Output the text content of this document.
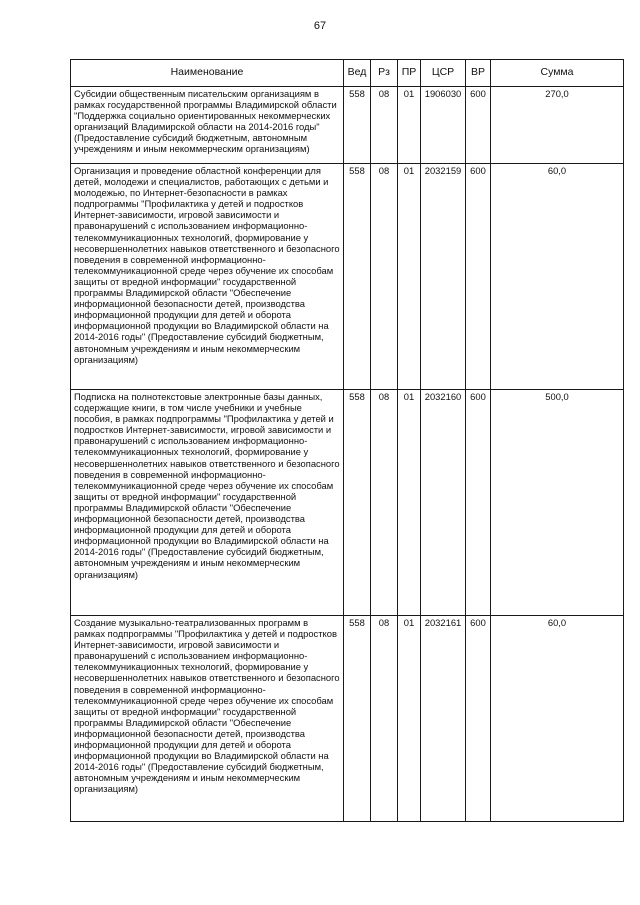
67
Наименование	Вед	Рз	ПР	ЦСР	ВР	Сумма
Субсидии общественным писательским организациям в рамках государственной программы Владимирской области "Поддержка социально ориентированных некоммерческих организаций Владимирской области на 2014-2016 годы" (Предоставление субсидий бюджетным, автономным учреждениям и иным некоммерческим организациям)	558	08	01	1906030	600	270,0
Организация и проведение областной конференции для детей, молодежи и специалистов, работающих с детьми и молодежью, по Интернет-безопасности в рамках подпрограммы "Профилактика у детей и подростков Интернет-зависимости, игровой зависимости и правонарушений с использованием информационно-телекоммуникационных технологий, формирование у несовершеннолетних навыков ответственного и безопасного поведения в современной информационно-телекоммуникационной среде через обучение их способам защиты от вредной информации" государственной программы Владимирской области "Обеспечение информационной безопасности детей, производства информационной продукции для детей и оборота информационной продукции во Владимирской области на 2014-2016 годы" (Предоставление субсидий бюджетным, автономным учреждениям и иным некоммерческим организациям)	558	08	01	2032159	600	60,0
Подписка на полнотекстовые электронные базы данных, содержащие книги, в том числе учебники и учебные пособия, в рамках подпрограммы "Профилактика у детей и подростков Интернет-зависимости, игровой зависимости и правонарушений с использованием информационно-телекоммуникационных технологий, формирование у несовершеннолетних навыков ответственного и безопасного поведения в современной информационно-телекоммуникационной среде через обучение их способам защиты от вредной информации" государственной программы Владимирской области "Обеспечение информационной безопасности детей, производства информационной продукции для детей и оборота информационной продукции во Владимирской области на 2014-2016 годы" (Предоставление субсидий бюджетным, автономным учреждениям и иным некоммерческим организациям)	558	08	01	2032160	600	500,0
Создание музыкально-театрализованных программ в рамках подпрограммы "Профилактика у детей и подростков Интернет-зависимости, игровой зависимости и правонарушений с использованием информационно-телекоммуникационных технологий, формирование у несовершеннолетних навыков ответственного и безопасного поведения в современной информационно-телекоммуникационной среде через обучение их способам защиты от вредной информации" государственной программы Владимирской области "Обеспечение информационной безопасности детей, производства информационной продукции для детей и оборота информационной продукции во Владимирской области на 2014-2016 годы" (Предоставление субсидий бюджетным, автономным учреждениям и иным некоммерческим организациям)	558	08	01	2032161	600	60,0
